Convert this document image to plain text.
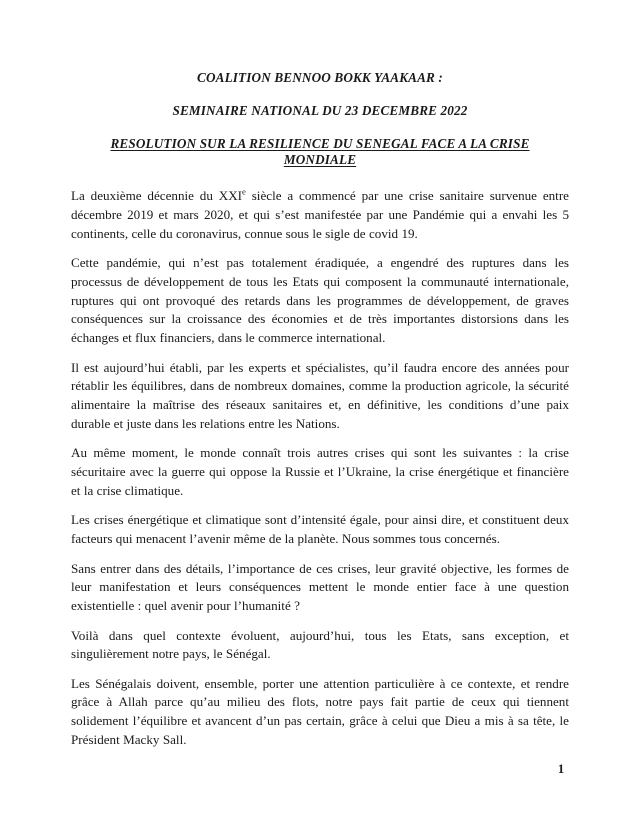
COALITION BENNOO BOKK YAAKAAR :
SEMINAIRE NATIONAL DU 23 DECEMBRE 2022
RESOLUTION SUR LA RESILIENCE DU SENEGAL FACE A LA CRISE
MONDIALE

La deuxième décennie du XXIe siècle a commencé par une crise sanitaire survenue entre décembre 2019 et mars 2020, et qui s’est manifestée par une Pandémie qui a envahi les 5 continents, celle du coronavirus, connue sous le sigle de covid 19.

Cette pandémie, qui n’est pas totalement éradiquée, a engendré des ruptures dans les processus de développement de tous les Etats qui composent la communauté internationale, ruptures qui ont provoqué des retards dans les programmes de développement, de graves conséquences sur la croissance des économies et de très importantes distorsions dans les échanges et flux financiers, dans le commerce international.

Il est aujourd’hui établi, par les experts et spécialistes, qu’il faudra encore des années pour rétablir les équilibres, dans de nombreux domaines, comme la production agricole, la sécurité alimentaire la maîtrise des réseaux sanitaires et, en définitive, les conditions d’une paix durable et juste dans les relations entre les Nations.

Au même moment, le monde connaît trois autres crises qui sont les suivantes : la crise sécuritaire avec la guerre qui oppose la Russie et l’Ukraine, la crise énergétique et financière et la crise climatique.

Les crises énergétique et climatique sont d’intensité égale, pour ainsi dire, et constituent deux facteurs qui menacent l’avenir même de la planète. Nous sommes tous concernés.

Sans entrer dans des détails, l’importance de ces crises, leur gravité objective, les formes de leur manifestation et leurs conséquences mettent le monde entier face à une question existentielle : quel avenir pour l’humanité ?

Voilà dans quel contexte évoluent, aujourd’hui, tous les Etats, sans exception, et singulièrement notre pays, le Sénégal.

Les Sénégalais doivent, ensemble, porter une attention particulière à ce contexte, et rendre grâce à Allah parce qu’au milieu des flots, notre pays fait partie de ceux qui tiennent solidement l’équilibre et avancent d’un pas certain, grâce à celui que Dieu a mis à sa tête, le Président Macky Sall.

1
